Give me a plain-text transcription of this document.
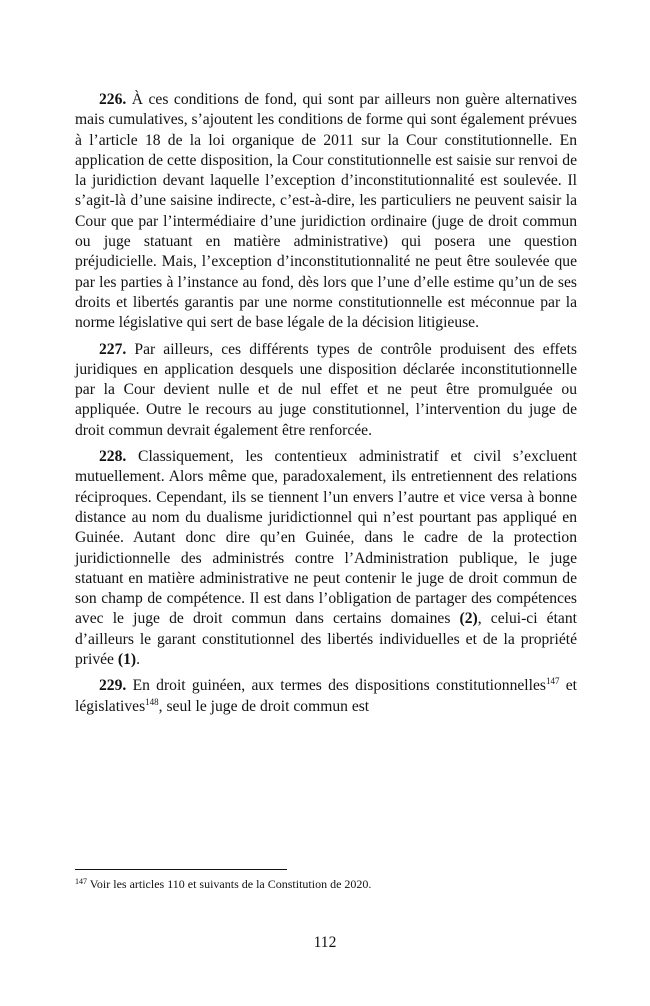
226. À ces conditions de fond, qui sont par ailleurs non guère alternatives mais cumulatives, s’ajoutent les conditions de forme qui sont également prévues à l’article 18 de la loi organique de 2011 sur la Cour constitutionnelle. En application de cette disposition, la Cour constitutionnelle est saisie sur renvoi de la juridiction devant laquelle l’exception d’inconstitutionnalité est soulevée. Il s’agit-là d’une saisine indirecte, c’est-à-dire, les particuliers ne peuvent saisir la Cour que par l’intermédiaire d’une juridiction ordinaire (juge de droit commun ou juge statuant en matière administrative) qui posera une question préjudicielle. Mais, l’exception d’inconstitutionnalité ne peut être soulevée que par les parties à l’instance au fond, dès lors que l’une d’elle estime qu’un de ses droits et libertés garantis par une norme constitutionnelle est méconnue par la norme législative qui sert de base légale de la décision litigieuse.

227. Par ailleurs, ces différents types de contrôle produisent des effets juridiques en application desquels une disposition déclarée inconstitutionnelle par la Cour devient nulle et de nul effet et ne peut être promulguée ou appliquée. Outre le recours au juge constitutionnel, l’intervention du juge de droit commun devrait également être renforcée.

228. Classiquement, les contentieux administratif et civil s’excluent mutuellement. Alors même que, paradoxalement, ils entretiennent des relations réciproques. Cependant, ils se tiennent l’un envers l’autre et vice versa à bonne distance au nom du dualisme juridictionnel qui n’est pourtant pas appliqué en Guinée. Autant donc dire qu’en Guinée, dans le cadre de la protection juridictionnelle des administrés contre l’Administration publique, le juge statuant en matière administrative ne peut contenir le juge de droit commun de son champ de compétence. Il est dans l’obligation de partager des compétences avec le juge de droit commun dans certains domaines (2), celui-ci étant d’ailleurs le garant constitutionnel des libertés individuelles et de la propriété privée (1).

229. En droit guinéen, aux termes des dispositions constitutionnelles$^{147}$ et législatives$^{148}$, seul le juge de droit commun est

$^{147}$ Voir les articles 110 et suivants de la Constitution de 2020.
112
